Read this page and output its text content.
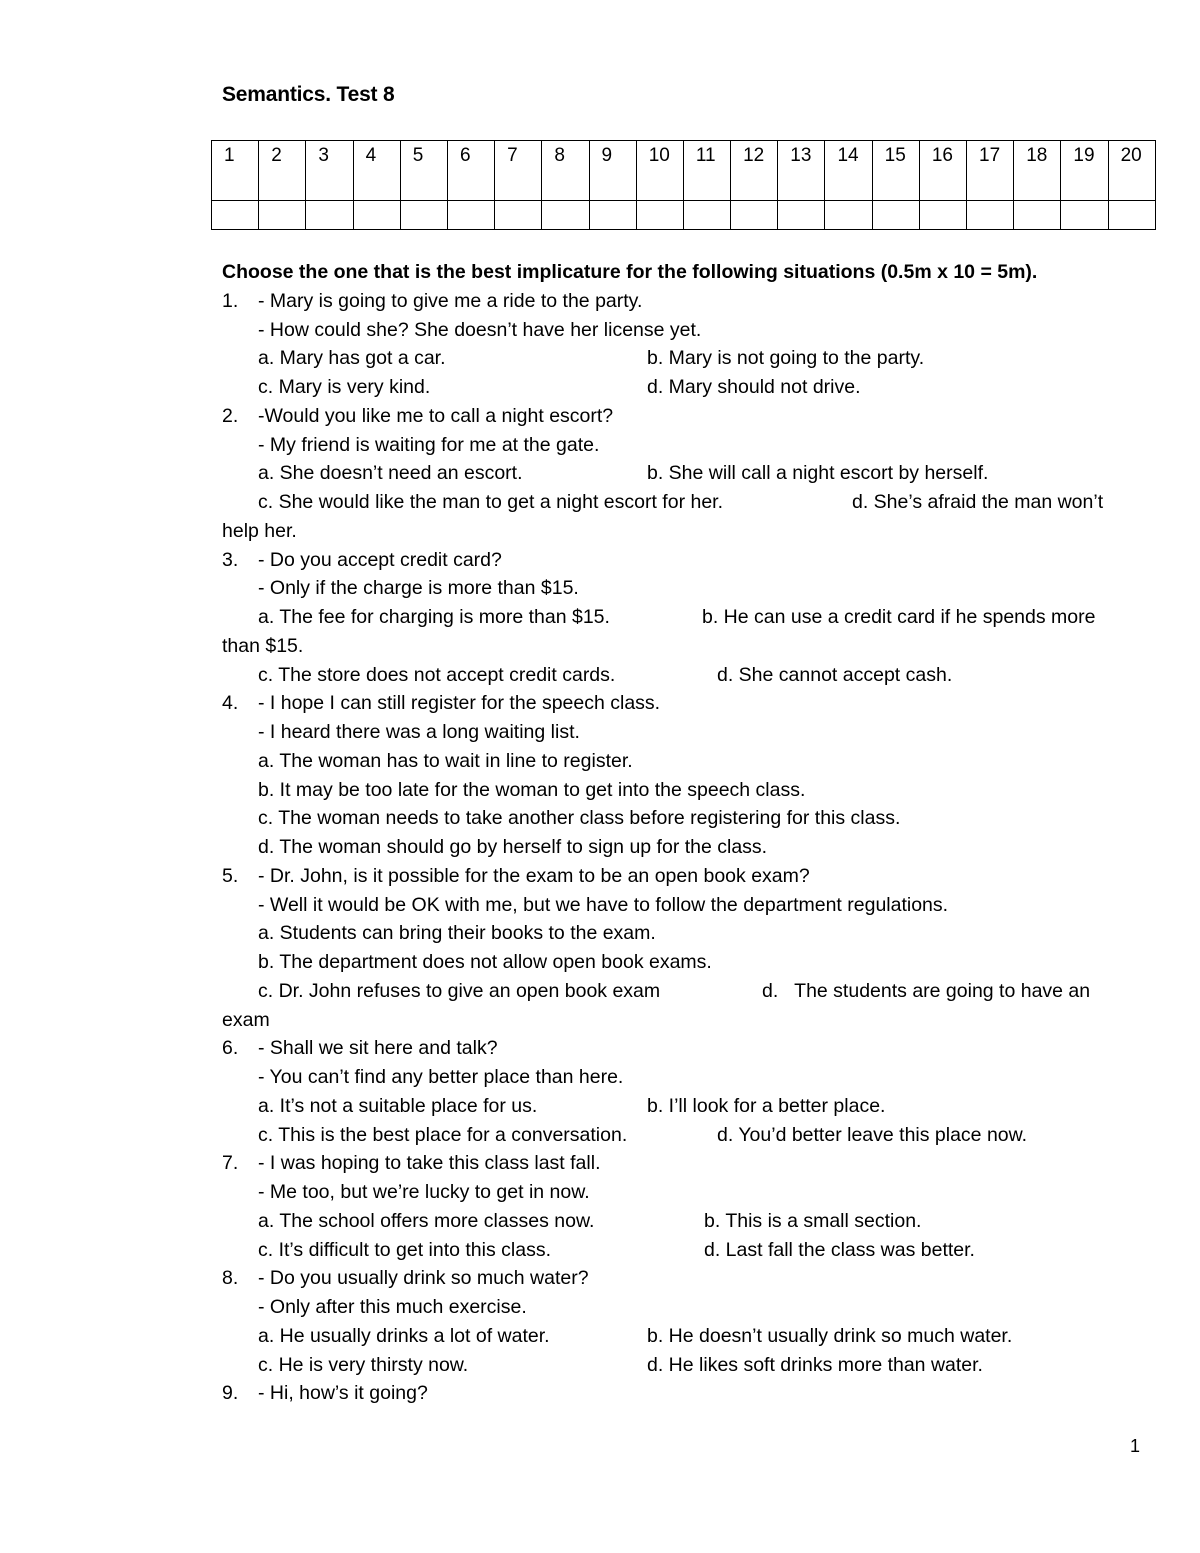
Semantics. Test 8
1	2	3	4	5	6	7	8	9	10	11	12	13	14	15	16	17	18	19	20

Choose the one that is the best implicature for the following situations (0.5m x 10 = 5m).
1. - Mary is going to give me a ride to the party.
- How could she? She doesn’t have her license yet.
a. Mary has got a car.	b. Mary is not going to the party.
c. Mary is very kind.	d. Mary should not drive.
2. -Would you like me to call a night escort?
- My friend is waiting for me at the gate.
a. She doesn’t need an escort.	b. She will call a night escort by herself.
c. She would like the man to get a night escort for her.	d. She’s afraid the man won’t
help her.
3. - Do you accept credit card?
- Only if the charge is more than $15.
a. The fee for charging is more than $15.	b. He can use a credit card if he spends more
than $15.
c. The store does not accept credit cards.	d. She cannot accept cash.
4. - I hope I can still register for the speech class.
- I heard there was a long waiting list.
a. The woman has to wait in line to register.
b. It may be too late for the woman to get into the speech class.
c. The woman needs to take another class before registering for this class.
d. The woman should go by herself to sign up for the class.
5. - Dr. John, is it possible for the exam to be an open book exam?
- Well it would be OK with me, but we have to follow the department regulations.
a. Students can bring their books to the exam.
b. The department does not allow open book exams.
c. Dr. John refuses to give an open book exam	d.   The students are going to have an
exam
6. - Shall we sit here and talk?
- You can’t find any better place than here.
a. It’s not a suitable place for us.	b. I’ll look for a better place.
c. This is the best place for a conversation.	d. You’d better leave this place now.
7. - I was hoping to take this class last fall.
- Me too, but we’re lucky to get in now.
a. The school offers more classes now.	b. This is a small section.
c. It’s difficult to get into this class.	d. Last fall the class was better.
8. - Do you usually drink so much water?
- Only after this much exercise.
a. He usually drinks a lot of water.	b. He doesn’t usually drink so much water.
c. He is very thirsty now.	d. He likes soft drinks more than water.
9. - Hi, how’s it going?
1
